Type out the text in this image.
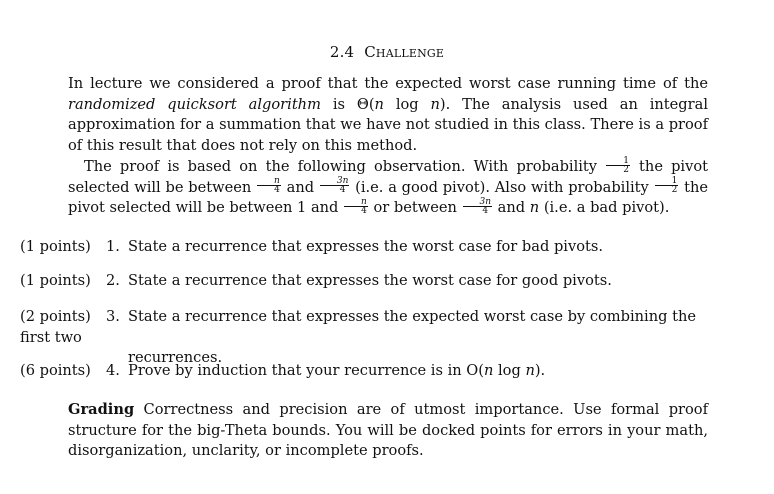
2.4 Challenge
In lecture we considered a proof that the expected worst case running time of the randomized quicksort algorithm is Θ(n log n). The analysis used an integral approximation for a summation that we have not studied in this class. There is a proof of this result that does not rely on this method.
The proof is based on the following observation. With probability $\frac{1}{2}$ the pivot selected will be between $\frac{n}{4}$ and $\frac{3n}{4} (i.e$. a good pivot). Also with probability $\frac{1}{2}$ the pivot selected will be between 1 and $\frac{n}{4}$ or between $\frac{3n}{4}$ and n (i.e. a bad pivot).
(1 points) 1. State a recurrence that expresses the worst case for bad pivots.
(1 points) 2. State a recurrence that expresses the worst case for good pivots.
(2 points) 3. State a recurrence that expresses the expected worst case by combining the first two
recurrences.
(6 points) 4. Prove by induction that your recurrence is in O(n log n).
Grading Correctness and precision are of utmost importance. Use formal proof structure for the big-Theta bounds. You will be docked points for errors in your math, disorganization, unclarity, or incomplete proofs.
